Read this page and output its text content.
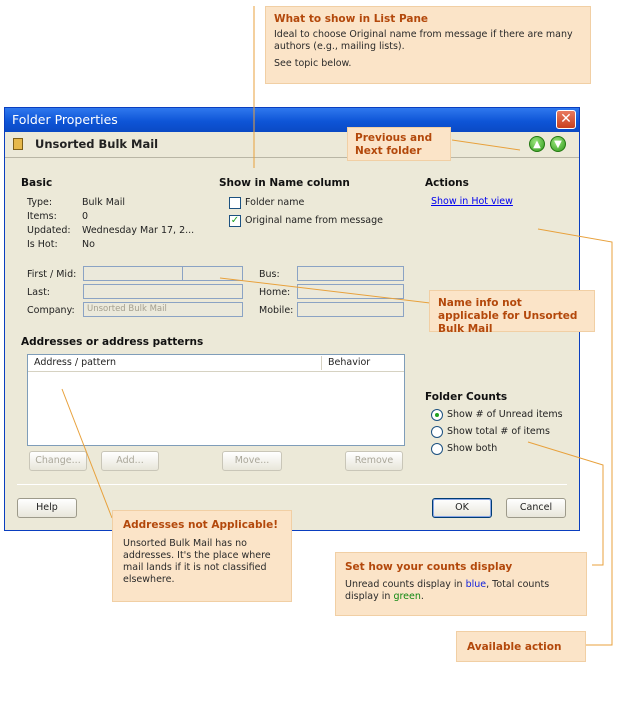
What to show in List Pane

Ideal to choose Original name from message if there are many authors (e.g., mailing lists).

See topic below.

Folder Properties	✕
Unsorted Bulk Mail	▲	▼
Basic
Type:	Bulk Mail
Items:	0
Updated: Wednesday Mar 17, 2...
Is Hot:	No
Show in Name column
Folder name
✓ Original name from message
Actions
Show in Hot view
First / Mid:
Last:
Company:	Unsorted Bulk Mail
Bus:
Home:
Mobile:
Addresses or address patterns
Address / pattern	Behavior
Change...	Add...	Move...	Remove
Folder Counts
Show # of Unread items
Show total # of items
Show both
Help	OK	Cancel
Previous and Next folder
Name info not applicable for Unsorted Bulk Mail
Addresses not Applicable!

Unsorted Bulk Mail has no addresses. It's the place where mail lands if it is not classified elsewhere.

Set how your counts display

Unread counts display in blue, Total counts display in green.

Available action
